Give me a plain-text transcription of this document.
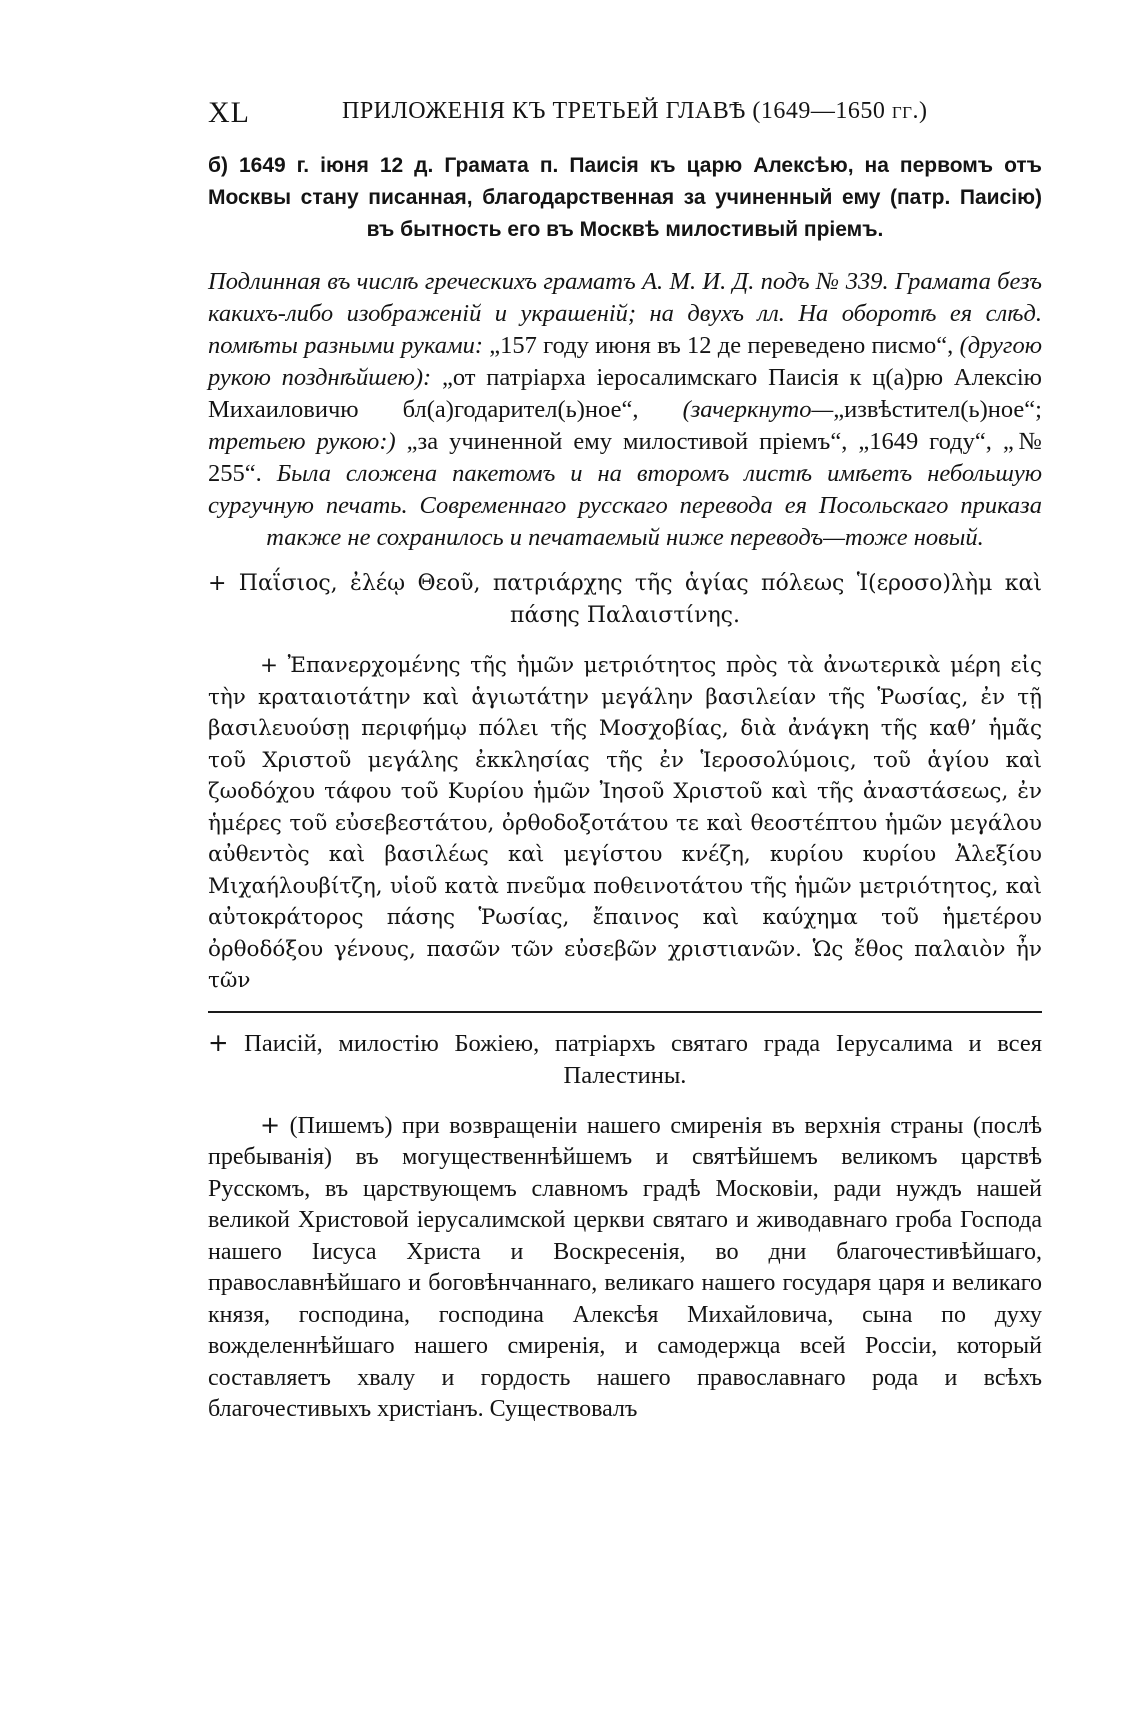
XL	ПРИЛОЖЕНІЯ КЪ ТРЕТЬЕЙ ГЛАВѢ (1649—1650 гг.)
б) 1649 г. іюня 12 д. Грамата п. Паисія къ царю Алексѣю, на первомъ отъ Москвы стану писанная, благодарственная за учиненный ему (патр. Паисію) въ бытность его въ Москвѣ милостивый пріемъ.
Подлинная въ числѣ греческихъ граматъ А. М. И. Д. подъ № 339. Грамата безъ какихъ-либо изображеній и украшеній; на двухъ лл. На оборотѣ ея слѣд. помѣты разными руками: „157 году июня въ 12 де переведено писмо“, (другою рукою позднѣйшею): „от патріарха іеросалимскаго Паисія к ц(а)рю Алексію Михаиловичю бл(а)годарител(ь)ное“, (зачеркнуто—„извѣстител(ь)ное“; третьею рукою:) „за учиненной ему милостивой пріемъ“, „1649 году“, „№ 255“. Была сложена пакетомъ и на второмъ листѣ имѣетъ небольшую сургучную печать. Современнаго русскаго перевода ея Посольскаго приказа также не сохранилось и печатаемый ниже переводъ—тоже новый.
+ Παΐσιος, ἐλέῳ Θεοῦ, πατριάρχης τῆς ἁγίας πόλεως Ἱ(εροσο)λὴμ καὶ πάσης Παλαιστίνης.
+ Ἐπανερχομένης τῆς ἡμῶν μετριότητος πρὸς τὰ ἀνωτερικὰ μέρη εἰς τὴν κραταιοτάτην καὶ ἁγιωτάτην μεγάλην βασιλείαν τῆς Ῥωσίας, ἐν τῇ βασιλευούσῃ περιφήμῳ πόλει τῆς Μοσχοβίας, διὰ ἀνάγκη τῆς καθ’ ἡμᾶς τοῦ Χριστοῦ μεγάλης ἐκκλησίας τῆς ἐν Ἱεροσολύμοις, τοῦ ἁγίου καὶ ζωοδόχου τάφου τοῦ Κυρίου ἡμῶν Ἰησοῦ Χριστοῦ καὶ τῆς ἀναστάσεως, ἐν ἡμέρες τοῦ εὐσεβεστάτου, ὀρθοδοξοτάτου τε καὶ θεοστέπτου ἡμῶν μεγάλου αὐθεντὸς καὶ βασιλέως καὶ μεγίστου κνέζη, κυρίου κυρίου Ἀλεξίου Μιχαήλουβίτζη, υἱοῦ κατὰ πνεῦμα ποθεινοτάτου τῆς ἡμῶν μετριότητος, καὶ αὐτοκράτορος πάσης Ῥωσίας, ἔπαινος καὶ καύχημα τοῦ ἡμετέρου ὀρθοδόξου γένους, πασῶν τῶν εὐσεβῶν χριστιανῶν. Ὡς ἔθος παλαιὸν ἦν τῶν
+ Паисій, милостію Божіею, патріархъ святаго града Іерусалима и всея Палестины.
+ (Пишемъ) при возвращеніи нашего смиренія въ верхнія страны (послѣ пребыванія) въ могущественнѣйшемъ и святѣйшемъ великомъ царствѣ Русскомъ, въ царствующемъ славномъ градѣ Московіи, ради нуждъ нашей великой Христовой іерусалимской церкви святаго и живодавнаго гроба Господа нашего Іисуса Христа и Воскресенія, во дни благочестивѣйшаго, православнѣйшаго и боговѣнчаннаго, великаго нашего государя царя и великаго князя, господина, господина Алексѣя Михайловича, сына по духу вожделеннѣйшаго нашего смиренія, и самодержца всей Россіи, который составляетъ хвалу и гордость нашего православнаго рода и всѣхъ благочестивыхъ христіанъ. Существовалъ
